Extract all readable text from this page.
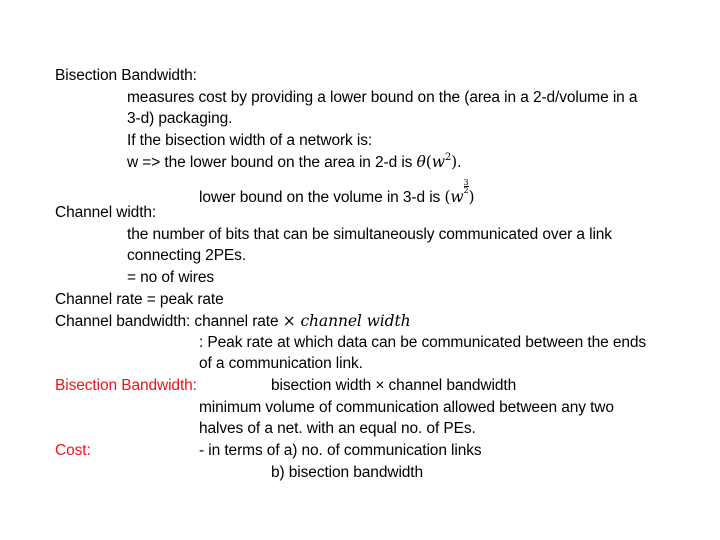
Bisection Bandwidth:
measures cost by providing a lower bound on the (area in a 2-d/volume in a
3-d) packaging.
If the bisection width of a network is:
w => the lower bound on the area in 2-d is $\theta(w^2)$.
lower bound on the volume in 3-d is (w
$\frac{3}{2}$
)
Channel width:
the number of bits that can be simultaneously communicated over a link
connecting 2PEs.
= no of wires
Channel rate = peak rate
Channel bandwidth: channel rate × channel width
: Peak rate at which data can be communicated between the ends
of a communication link.
Bisection Bandwidth:	bisection width × channel bandwidth
minimum volume of communication allowed between any two
halves of a net. with an equal no. of PEs.
Cost:	- in terms of a) no. of communication links
b) bisection bandwidth
